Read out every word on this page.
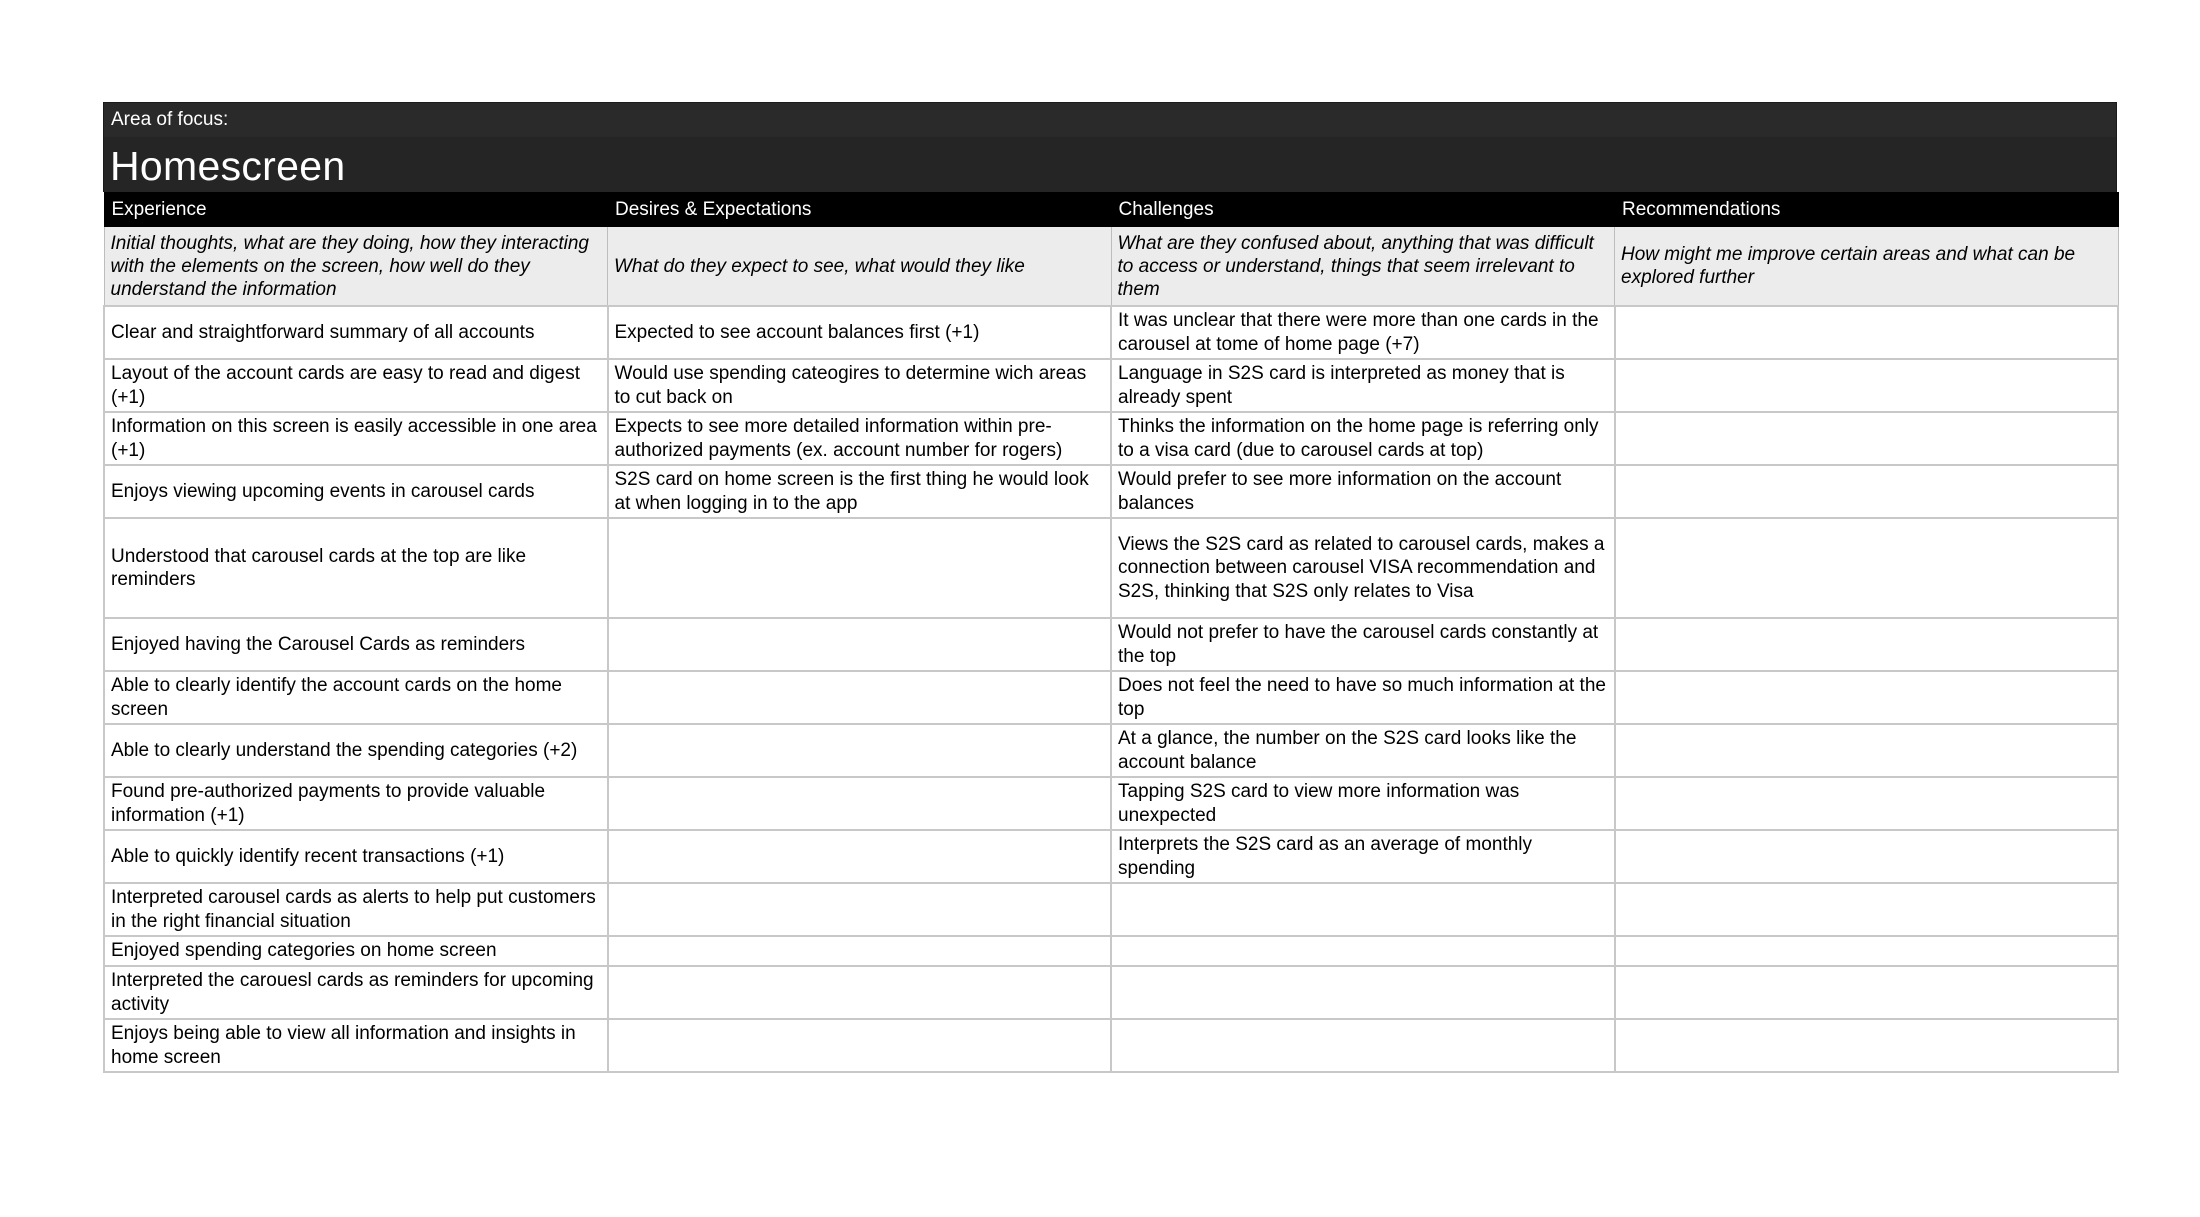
Area of focus:
Homescreen
Experience	Desires & Expectations	Challenges	Recommendations
Initial thoughts, what are they doing, how they interacting with the elements on the screen, how well do they understand the information	What do they expect to see, what would they like	What are they confused about, anything that was difficult to access or understand, things that seem irrelevant to them	How might me improve certain areas and what can be explored further
Clear and straightforward summary of all accounts	Expected to see account balances first (+1)	It was unclear that there were more than one cards in the carousel at tome of home page (+7)	
Layout of the account cards are easy to read and digest (+1)	Would use spending cateogires to determine wich areas to cut back on	Language in S2S card is interpreted as money that is already spent	
Information on this screen is easily accessible in one area (+1)	Expects to see more detailed information within pre-authorized payments (ex. account number for rogers)	Thinks the information on the home page is referring only to a visa card (due to carousel cards at top)	
Enjoys viewing upcoming events in carousel cards	S2S card on home screen is the first thing he would look at when logging in to the app	Would prefer to see more information on the account balances	
Understood that carousel cards at the top are like reminders		Views the S2S card as related to carousel cards, makes a connection between carousel VISA recommendation and S2S, thinking that S2S only relates to Visa	
Enjoyed having the Carousel Cards as reminders		Would not prefer to have the carousel cards constantly at the top	
Able to clearly identify the account cards on the home screen		Does not feel the need to have so much information at the top	
Able to clearly understand the spending categories (+2)		At a glance, the number on the S2S card looks like the account balance	
Found pre-authorized payments to provide valuable information (+1)		Tapping S2S card to view more information was unexpected	
Able to quickly identify recent transactions (+1)		Interprets the S2S card as an average of monthly spending	
Interpreted carousel cards as alerts to help put customers in the right financial situation			
Enjoyed spending categories on home screen			
Interpreted the carouesl cards as reminders for upcoming activity			
Enjoys being able to view all information and insights in home screen			
